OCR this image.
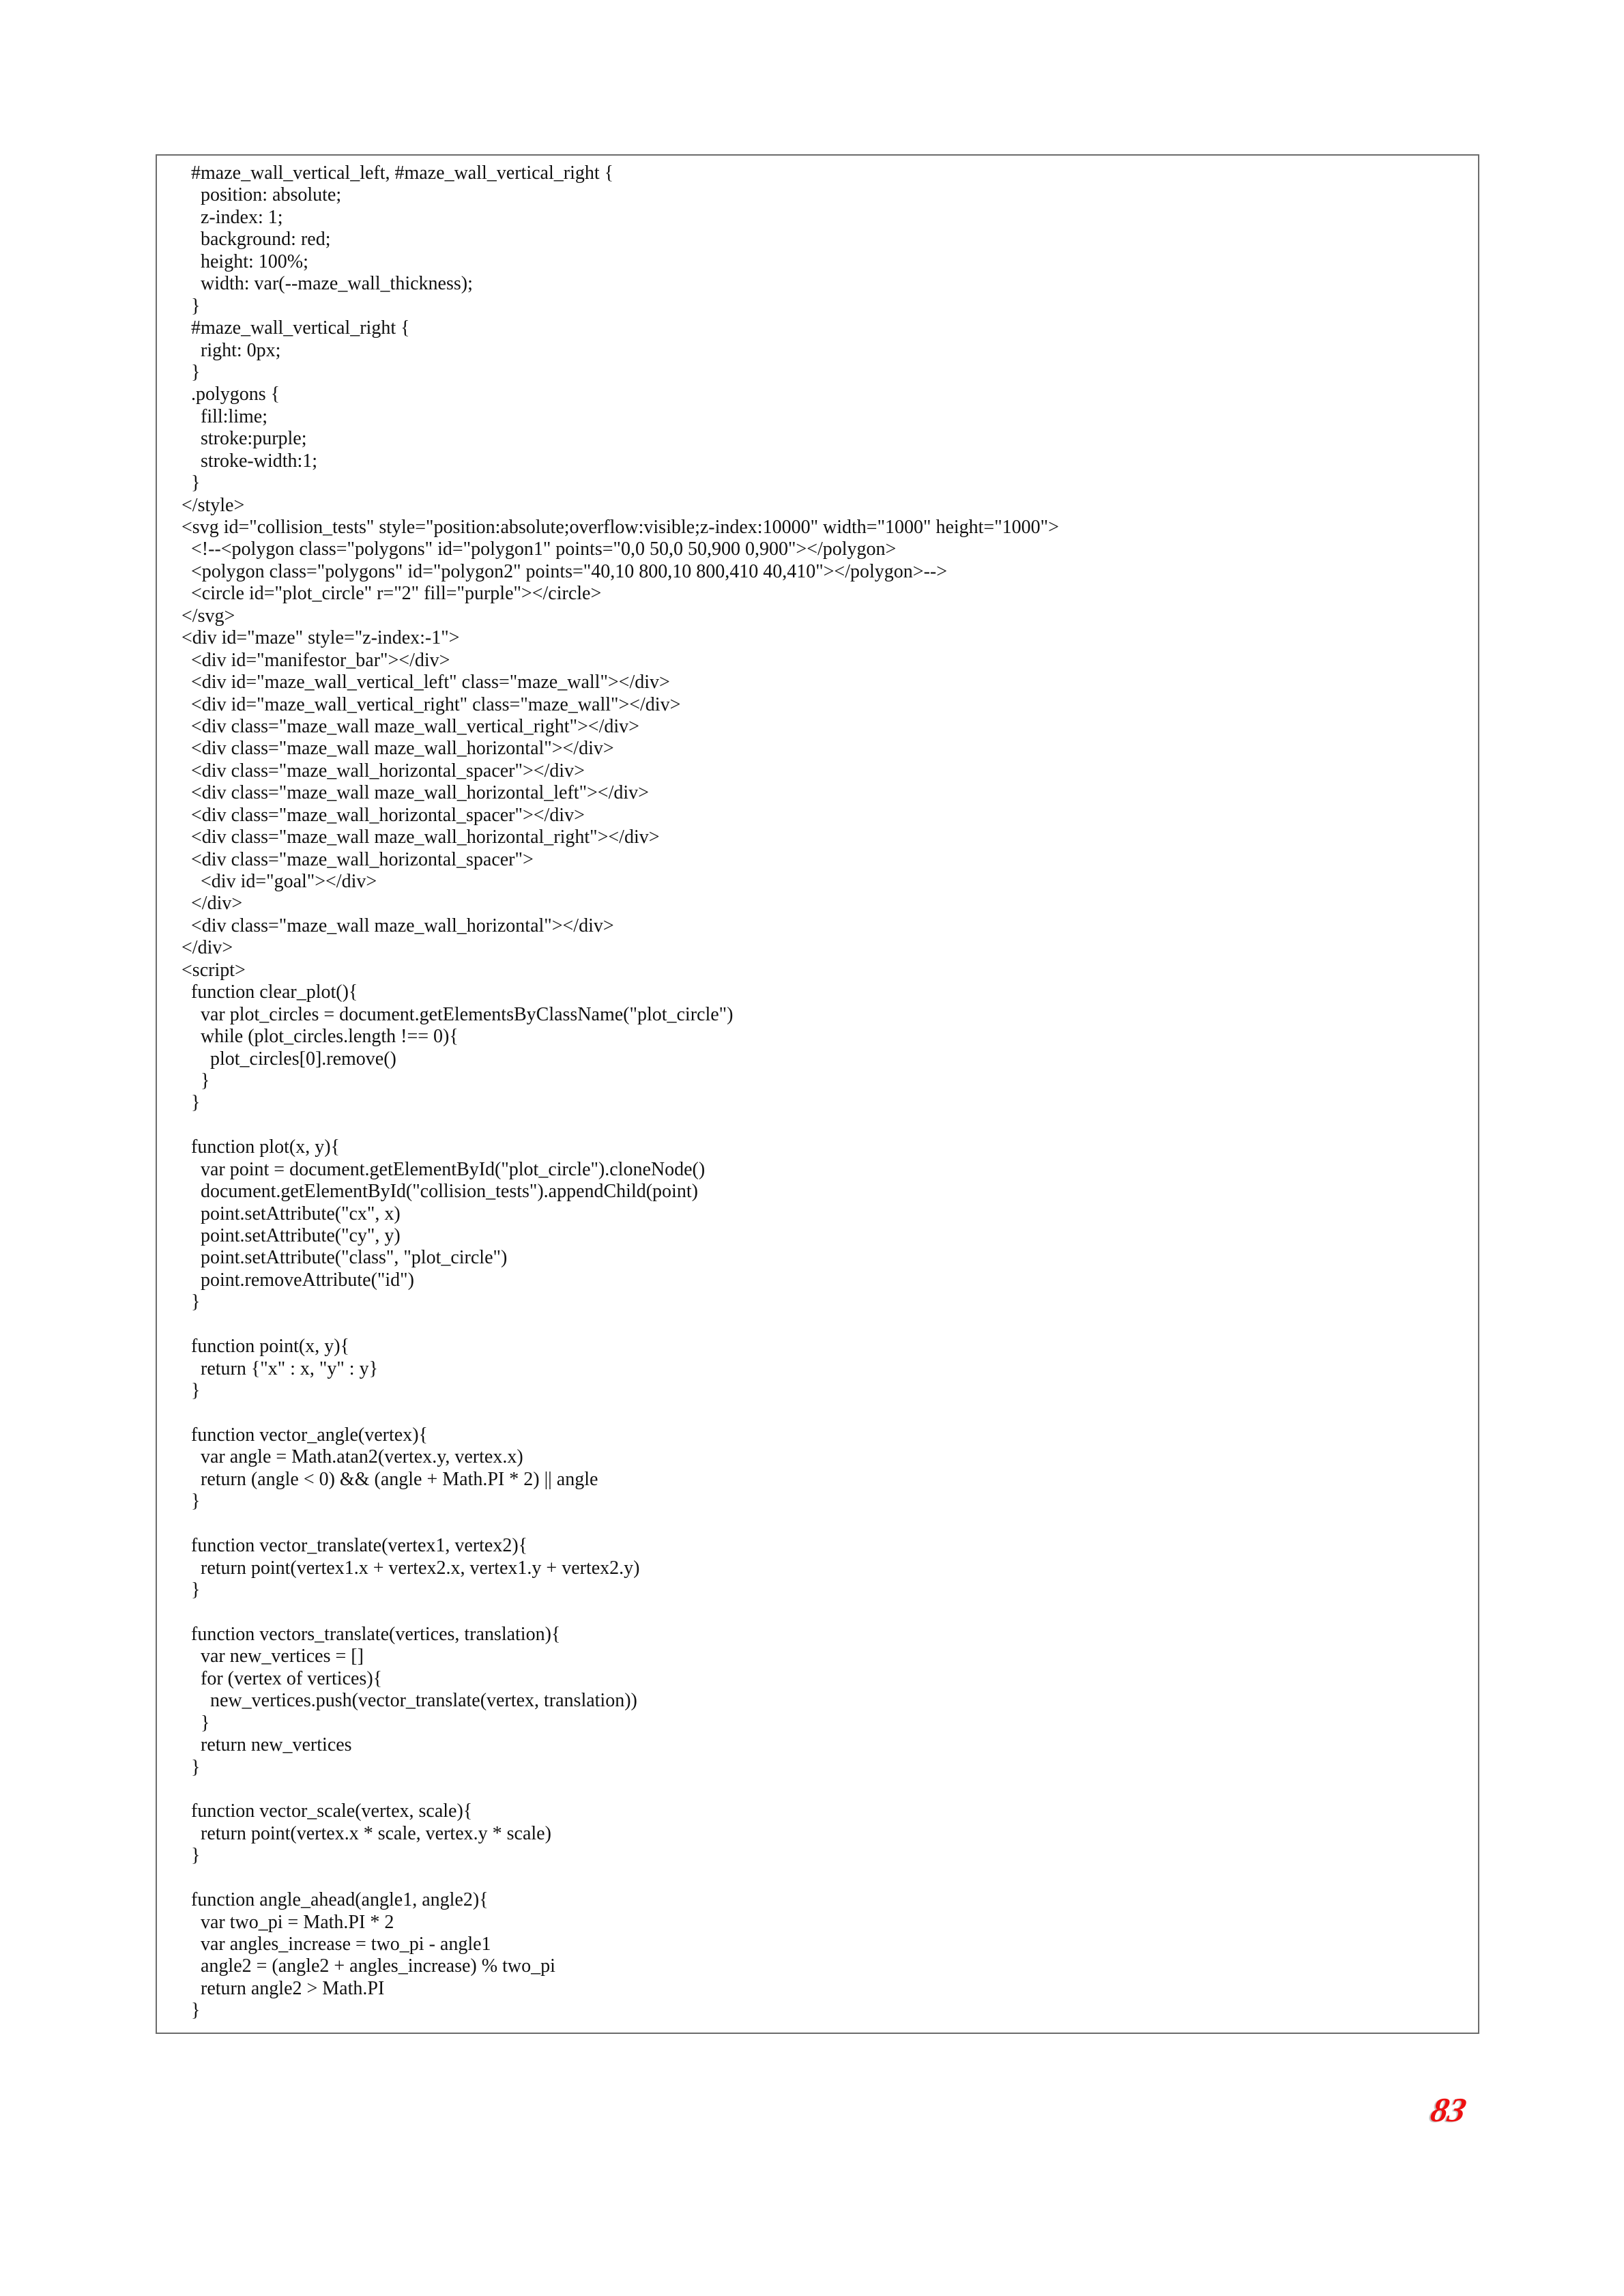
#maze_wall_vertical_left, #maze_wall_vertical_right {
position: absolute;
z-index: 1;
background: red;
height: 100%;
width: var(--maze_wall_thickness);
}
#maze_wall_vertical_right {
right: 0px;
}
.polygons {
fill:lime;
stroke:purple;
stroke-width:1;
}
</style>
<svg id="collision_tests" style="position:absolute;overflow:visible;z-index:10000" width="1000" height="1000">
<!--<polygon class="polygons" id="polygon1" points="0,0 50,0 50,900 0,900"></polygon>
<polygon class="polygons" id="polygon2" points="40,10 800,10 800,410 40,410"></polygon>-->
<circle id="plot_circle" r="2" fill="purple"></circle>
</svg>
<div id="maze" style="z-index:-1">
<div id="manifestor_bar"></div>
<div id="maze_wall_vertical_left" class="maze_wall"></div>
<div id="maze_wall_vertical_right" class="maze_wall"></div>
<div class="maze_wall maze_wall_vertical_right"></div>
<div class="maze_wall maze_wall_horizontal"></div>
<div class="maze_wall_horizontal_spacer"></div>
<div class="maze_wall maze_wall_horizontal_left"></div>
<div class="maze_wall_horizontal_spacer"></div>
<div class="maze_wall maze_wall_horizontal_right"></div>
<div class="maze_wall_horizontal_spacer">
<div id="goal"></div>
</div>
<div class="maze_wall maze_wall_horizontal"></div>
</div>
<script>
function clear_plot(){
var plot_circles = document.getElementsByClassName("plot_circle")
while (plot_circles.length !== 0){
plot_circles[0].remove()
}
}
function plot(x, y){
var point = document.getElementById("plot_circle").cloneNode()
document.getElementById("collision_tests").appendChild(point)
point.setAttribute("cx", x)
point.setAttribute("cy", y)
point.setAttribute("class", "plot_circle")
point.removeAttribute("id")
}
function point(x, y){
return {"x" : x, "y" : y}
}
function vector_angle(vertex){
var angle = Math.atan2(vertex.y, vertex.x)
return (angle < 0) && (angle + Math.PI * 2) || angle
}
function vector_translate(vertex1, vertex2){
return point(vertex1.x + vertex2.x, vertex1.y + vertex2.y)
}
function vectors_translate(vertices, translation){
var new_vertices = []
for (vertex of vertices){
new_vertices.push(vector_translate(vertex, translation))
}
return new_vertices
}
function vector_scale(vertex, scale){
return point(vertex.x * scale, vertex.y * scale)
}
function angle_ahead(angle1, angle2){
var two_pi = Math.PI * 2
var angles_increase = two_pi - angle1
angle2 = (angle2 + angles_increase) % two_pi
return angle2 > Math.PI
}
83
